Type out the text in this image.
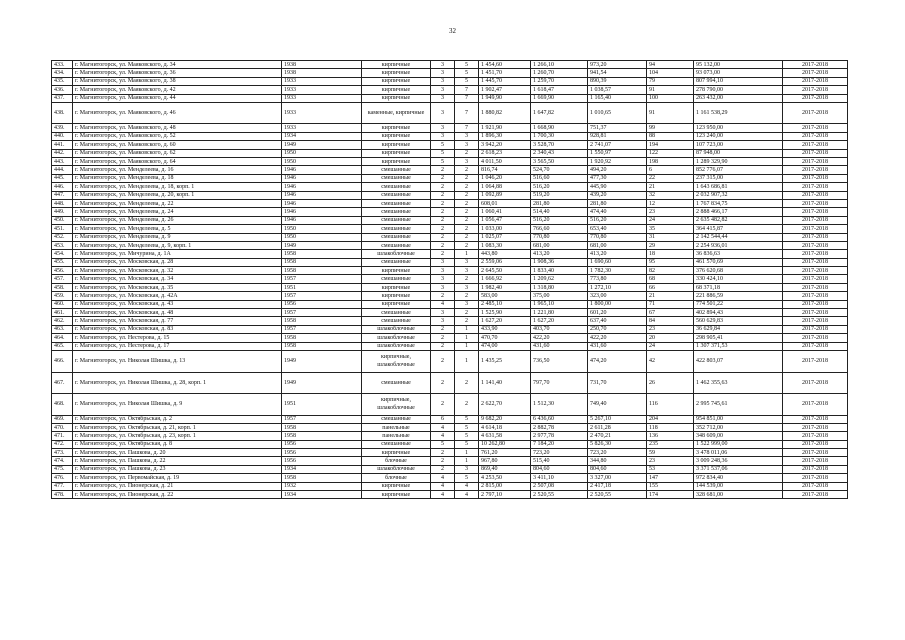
32
433.	г. Магнитогорск, ул. Маяковского, д. 34	1938	кирпичные	3	5	1 454,60	1 266,10	973,20	94	95 132,00	2017-2018
434.	г. Магнитогорск, ул. Маяковского, д. 36	1938	кирпичные	3	5	1 451,70	1 260,70	941,54	104	93 073,00	2017-2018
435.	г. Магнитогорск, ул. Маяковского, д. 38	1933	кирпичные	3	5	1 445,70	1 259,70	890,39	79	807 994,10	2017-2018
436.	г. Магнитогорск, ул. Маяковского, д. 42	1933	кирпичные	3	7	1 902,47	1 618,47	1 038,57	91	278 790,00	2017-2018
437.	г. Магнитогорск, ул. Маяковского, д. 44	1933	кирпичные	3	7	1 949,90	1 669,90	1 165,40	100	263 432,00	2017-2018
438.	г. Магнитогорск, ул. Маяковского, д. 46	1933	каменные, кирпичные	3	7	1 880,82	1 647,82	1 010,65	91	1 161 538,29	2017-2018
439.	г. Магнитогорск, ул. Маяковского, д. 48	1933	кирпичные	3	7	1 921,90	1 668,90	751,37	99	123 950,00	2017-2018
440.	г. Магнитогорск, ул. Маяковского, д. 52	1934	кирпичные	3	3	1 896,30	1 700,30	928,81	88	123 240,00	2017-2018
441.	г. Магнитогорск, ул. Маяковского, д. 60	1949	кирпичные	5	3	3 942,20	3 528,70	2 741,07	194	107 723,00	2017-2018
442.	г. Магнитогорск, ул. Маяковского, д. 62	1950	кирпичные	5	2	2 618,23	2 340,43	1 550,97	122	87 948,00	2017-2018
443.	г. Магнитогорск, ул. Маяковского, д. 64	1950	кирпичные	5	3	4 011,50	3 565,50	1 920,92	198	1 289 329,90	2017-2018
444.	г. Магнитогорск, ул. Менделеева, д. 16	1946	смешанные	2	2	816,74	524,70	494,20	6	852 776,07	2017-2018
445.	г. Магнитогорск, ул. Менделеева, д. 18	1946	смешанные	2	2	1 046,20	516,60	477,30	22	237 315,00	2017-2018
446.	г. Магнитогорск, ул. Менделеева, д. 18, корп. 1	1946	смешанные	2	2	1 064,88	516,20	445,90	21	1 643 686,81	2017-2018
447.	г. Магнитогорск, ул. Менделеева, д. 20, корп. 1	1946	смешанные	2	2	1 092,89	519,20	439,20	32	2 032 907,32	2017-2018
448.	г. Магнитогорск, ул. Менделеева, д. 22	1946	смешанные	2	2	608,01	281,80	281,80	12	1 767 834,75	2017-2018
449.	г. Магнитогорск, ул. Менделеева, д. 24	1946	смешанные	2	2	1 060,41	514,40	474,40	23	2 888 466,17	2017-2018
450.	г. Магнитогорск, ул. Менделеева, д. 26	1946	смешанные	2	2	1 056,47	516,20	516,20	24	2 635 482,82	2017-2018
451.	г. Магнитогорск, ул. Менделеева, д. 5	1950	смешанные	2	2	1 033,00	766,60	653,40	35	364 415,87	2017-2018
452.	г. Магнитогорск, ул. Менделеева, д. 9	1950	смешанные	2	2	1 025,07	770,80	770,80	31	2 142 544,44	2017-2018
453.	г. Магнитогорск, ул. Менделеева, д. 9, корп. 1	1949	смешанные	2	2	1 083,30	681,00	681,00	29	2 254 936,01	2017-2018
454.	г. Магнитогорск, ул. Мичурина, д. 1А	1958	шлакоблочные	2	1	443,80	413,20	413,20	18	36 836,63	2017-2018
455.	г. Магнитогорск, ул. Московская, д. 28	1958	смешанные	3	3	2 559,06	1 908,36	1 690,60	95	461 570,69	2017-2018
456.	г. Магнитогорск, ул. Московская, д. 32	1958	кирпичные	3	3	2 645,50	1 833,40	1 782,30	82	376 620,68	2017-2018
457.	г. Магнитогорск, ул. Московская, д. 34	1957	смешанные	3	2	1 666,92	1 209,62	773,80	68	330 424,10	2017-2018
458.	г. Магнитогорск, ул. Московская, д. 35	1951	кирпичные	3	3	1 982,40	1 318,80	1 272,10	66	68 371,18	2017-2018
459.	г. Магнитогорск, ул. Московская, д. 42А	1957	кирпичные	2	2	583,00	375,00	323,00	21	221 886,59	2017-2018
460.	г. Магнитогорск, ул. Московская, д. 43	1956	кирпичные	4	3	2 485,10	1 965,10	1 800,00	71	774 501,22	2017-2018
461.	г. Магнитогорск, ул. Московская, д. 48	1957	смешанные	3	2	1 525,90	1 221,80	601,20	67	402 894,43	2017-2018
462.	г. Магнитогорск, ул. Московская, д. 77	1958	смешанные	3	2	1 627,20	1 627,20	637,40	84	560 629,83	2017-2018
463.	г. Магнитогорск, ул. Московская, д. 83	1957	шлакоблочные	2	1	433,90	403,70	250,70	23	36 629,84	2017-2018
464.	г. Магнитогорск, ул. Нестерова, д. 15	1958	шлакоблочные	2	1	470,70	422,20	422,20	20	298 905,41	2017-2018
465.	г. Магнитогорск, ул. Нестерова, д. 17	1958	шлакоблочные	2	1	474,00	431,60	431,60	24	1 307 371,53	2017-2018
466.	г. Магнитогорск, ул. Николая Шишка, д. 13	1949	кирпичные, шлакоблочные	2	1	1 435,25	736,50	474,20	42	422 803,07	2017-2018
467.	г. Магнитогорск, ул. Николая Шишка, д. 28, корп. 1	1949	смешанные	2	2	1 141,40	797,70	731,70	26	1 462 355,63	2017-2018
468.	г. Магнитогорск, ул. Николая Шишка, д. 9	1951	кирпичные, шлакоблочные	2	2	2 622,70	1 512,30	749,40	116	2 995 745,61	2017-2018
469.	г. Магнитогорск, ул. Октябрьская, д. 2	1957	смешанные	6	5	9 682,20	6 436,60	5 267,10	204	954 851,00	2017-2018
470.	г. Магнитогорск, ул. Октябрьская, д. 21, корп. 1	1958	панельные	4	5	4 614,18	2 882,78	2 611,28	118	352 712,00	2017-2018
471.	г. Магнитогорск, ул. Октябрьская, д. 23, корп. 1	1958	панельные	4	5	4 631,58	2 977,78	2 470,21	136	348 609,00	2017-2018
472.	г. Магнитогорск, ул. Октябрьская, д. 8	1956	смешанные	5	5	10 262,80	7 184,20	5 826,30	235	1 522 999,00	2017-2018
473.	г. Магнитогорск, ул. Пашкова, д. 20	1956	кирпичные	2	1	761,20	723,20	723,20	59	3 478 011,06	2017-2018
474.	г. Магнитогорск, ул. Пашкова, д. 22	1956	блочные	2	1	967,80	515,40	344,80	23	3 009 248,36	2017-2018
475.	г. Магнитогорск, ул. Пашкова, д. 23	1934	шлакоблочные	2	3	869,40	804,60	804,60	53	3 371 537,06	2017-2018
476.	г. Магнитогорск, ул. Первомайская, д. 19	1958	блочные	4	5	4 253,50	3 411,10	3 327,00	147	972 834,40	2017-2018
477.	г. Магнитогорск, ул. Пионерская, д. 21	1932	кирпичные	4	4	2 815,00	2 507,08	2 417,18	155	144 539,00	2017-2018
478.	г. Магнитогорск, ул. Пионерская, д. 22	1934	кирпичные	4	4	2 797,10	2 520,55	2 520,55	174	328 681,00	2017-2018
